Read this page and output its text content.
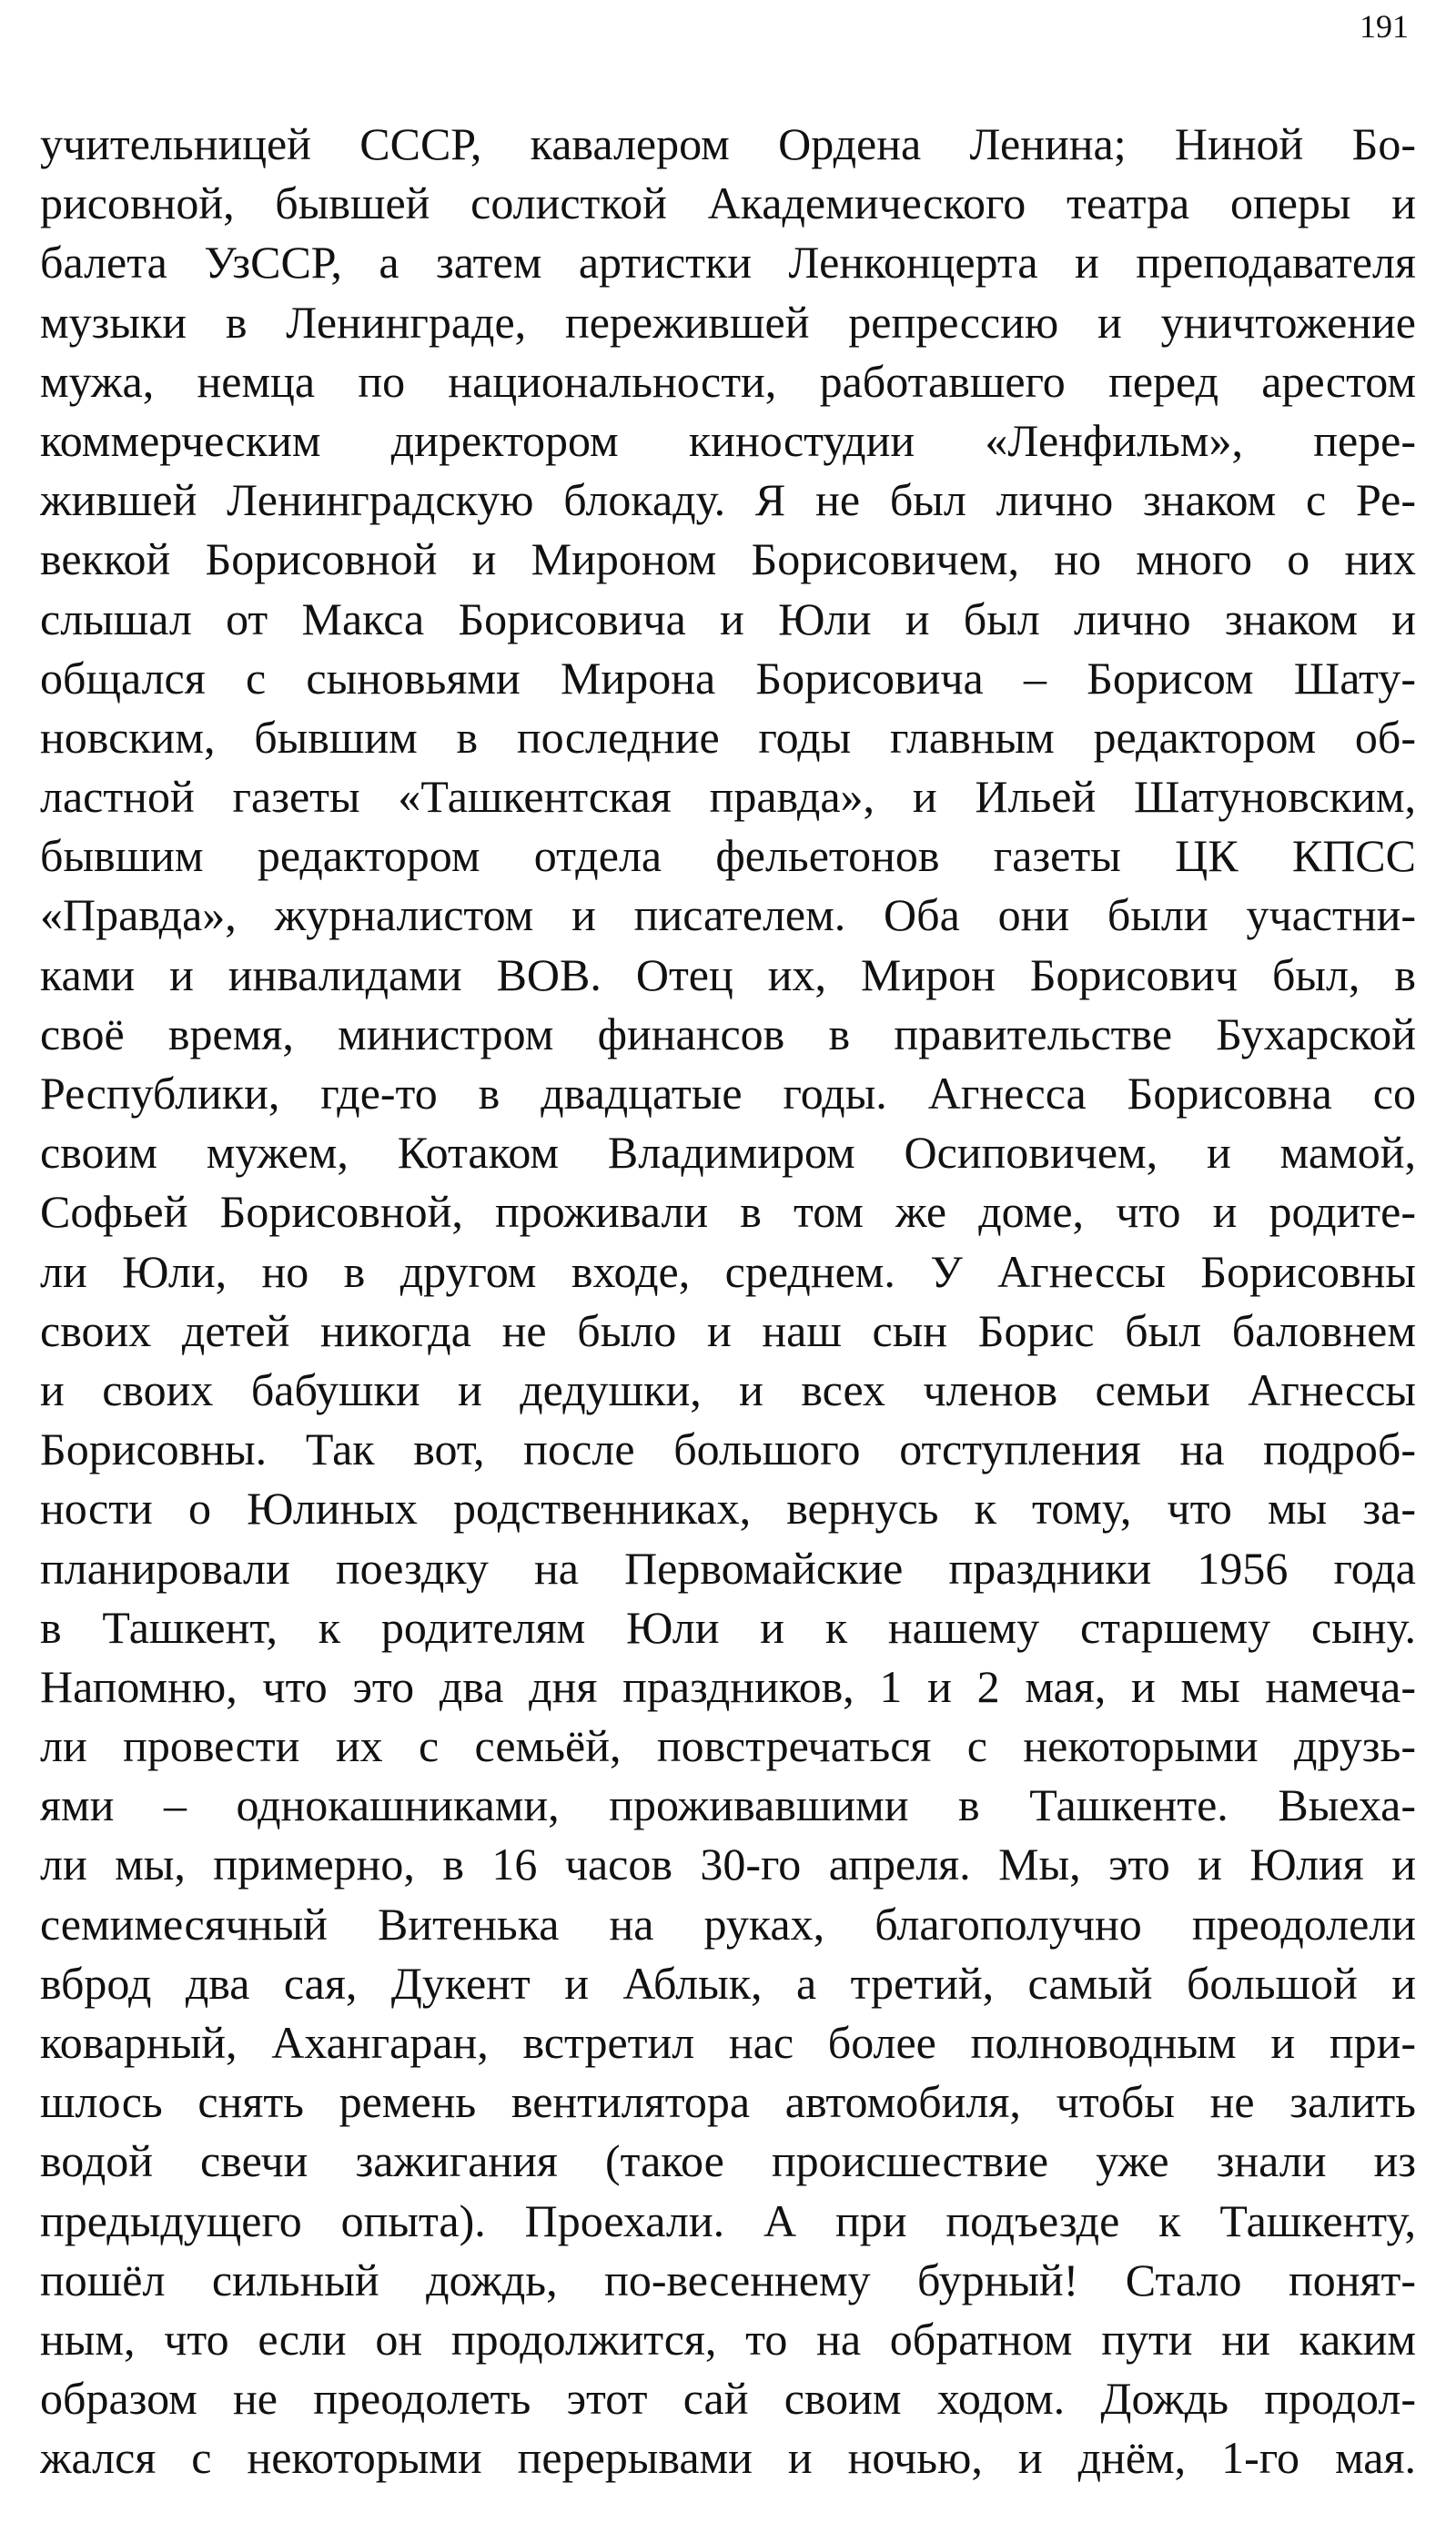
191
учительницей СССР, кавалером Ордена Ленина; Ниной Бо-
рисовной, бывшей солисткой Академического театра оперы и
балета УзССР, а затем артистки Ленконцерта и преподавателя
музыки в Ленинграде, пережившей репрессию и уничтожение
мужа, немца по национальности, работавшего перед арестом
коммерческим директором киностудии «Ленфильм», пере-
жившей Ленинградскую блокаду. Я не был лично знаком с Ре-
веккой Борисовной и Мироном Борисовичем, но много о них
слышал от Макса Борисовича и Юли и был лично знаком и
общался с сыновьями Мирона Борисовича – Борисом Шату-
новским, бывшим в последние годы главным редактором об-
ластной газеты «Ташкентская правда», и Ильей Шатуновским,
бывшим редактором отдела фельетонов газеты ЦК КПСС
«Правда», журналистом и писателем. Оба они были участни-
ками и инвалидами ВОВ. Отец их, Мирон Борисович был, в
своё время, министром финансов в правительстве Бухарской
Республики, где-то в двадцатые годы. Агнесса Борисовна со
своим мужем, Котаком Владимиром Осиповичем, и мамой,
Софьей Борисовной, проживали в том же доме, что и родите-
ли Юли, но в другом входе, среднем. У Агнессы Борисовны
своих детей никогда не было и наш сын Борис был баловнем
и своих бабушки и дедушки, и всех членов семьи Агнессы
Борисовны. Так вот, после большого отступления на подроб-
ности о Юлиных родственниках, вернусь к тому, что мы за-
планировали поездку на Первомайские праздники 1956 года
в Ташкент, к родителям Юли и к нашему старшему сыну.
Напомню, что это два дня праздников, 1 и 2 мая, и мы намеча-
ли провести их с семьёй, повстречаться с некоторыми друзь-
ями – однокашниками, проживавшими в Ташкенте. Выеха-
ли мы, примерно, в 16 часов 30-го апреля. Мы, это и Юлия и
семимесячный Витенька на руках, благополучно преодолели
вброд два сая, Дукент и Аблык, а третий, самый большой и
коварный, Ахангаран, встретил нас более полноводным и при-
шлось снять ремень вентилятора автомобиля, чтобы не залить
водой свечи зажигания (такое происшествие уже знали из
предыдущего опыта). Проехали. А при подъезде к Ташкенту,
пошёл сильный дождь, по-весеннему бурный! Стало понят-
ным, что если он продолжится, то на обратном пути ни каким
образом не преодолеть этот сай своим ходом. Дождь продол-
жался с некоторыми перерывами и ночью, и днём, 1-го мая.
